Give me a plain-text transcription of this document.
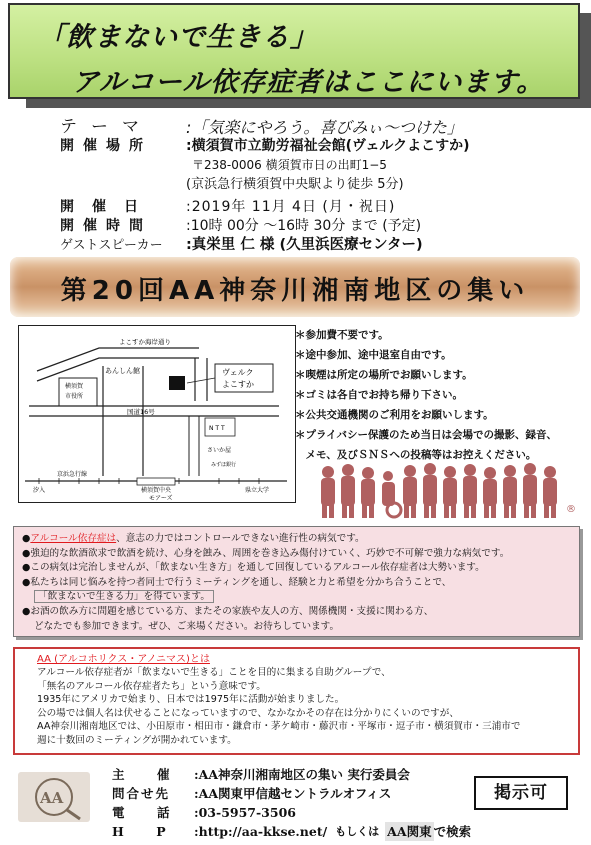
「飲まないで生きる」
アルコール依存症者はここにいます。
テーマ	:「気楽にやろう。喜びみぃ～つけた」
開催場所	:横須賀市立勤労福祉会館(ヴェルクよこすか)
〒238-0006 横須賀市日の出町1−5
(京浜急行横須賀中央駅より徒歩 5分)
開催日	:2019年 11月 4日 (月・祝日)
開催時間	:10時 00分 ～16時 30分 まで (予定)
ゲストスピーカー	:真栄里 仁 様 (久里浜医療センター)
第20回AA神奈川湘南地区の集い
よこすか海岸通り
あんしん館
横須賀
市役所
ヴェルク
よこすか
国道16号
N T T
さいか屋
みずほ銀行
京浜急行線
横須賀中央
モアーズ
汐入	県立大学
＊参加費不要です。
＊途中参加、途中退室自由です。
＊喫煙は所定の場所でお願いします。
＊ゴミは各自でお持ち帰り下さい。
＊公共交通機関のご利用をお願いします。
＊プライバシー保護のため当日は会場での撮影、録音、
　メモ、及びＳＮＳへの投稿等はお控えください。
®

●アルコール依存症は、意志の力ではコントロールできない進行性の病気です。

●強迫的な飲酒欲求で飲酒を続け、心身を蝕み、周囲を巻き込み傷付けていく、巧妙で不可解で強力な病気です。

●この病気は完治しませんが、「飲まない生き方」を通して回復しているアルコール依存症者は大勢います。

●私たちは同じ悩みを持つ者同士で行うミーティングを通し、経験と力と希望を分かち合うことで、

「飲まないで生きる力」を得ています。

●お酒の飲み方に問題を感じている方、またその家族や友人の方、関係機関・支援に関わる方、

どなたでも参加できます。ぜひ、ご来場ください。お待ちしています。

AA (アルコホリクス・アノニマス)とは

アルコール依存症者が「飲まないで生きる」ことを目的に集まる自助グループで、

「無名のアルコール依存症者たち」という意味です。

1935年にアメリカで始まり、日本では1975年に活動が始まりました。

公の場では個人名は伏せることになっていますので、なかなかその存在は分かりにくいのですが、

AA神奈川湘南地区では、小田原市・相田市・鎌倉市・茅ケ崎市・藤沢市・平塚市・逗子市・横須賀市・三浦市で

週に十数回のミーティングが開かれています。

AA
主　催	:AA神奈川湘南地区の集い 実行委員会
問合せ先	:AA関東甲信越セントラルオフィス
電　話	:03-5957-3506
H　P	:http://aa-kkse.net/ もしくは AA関東 で検索
掲示可
